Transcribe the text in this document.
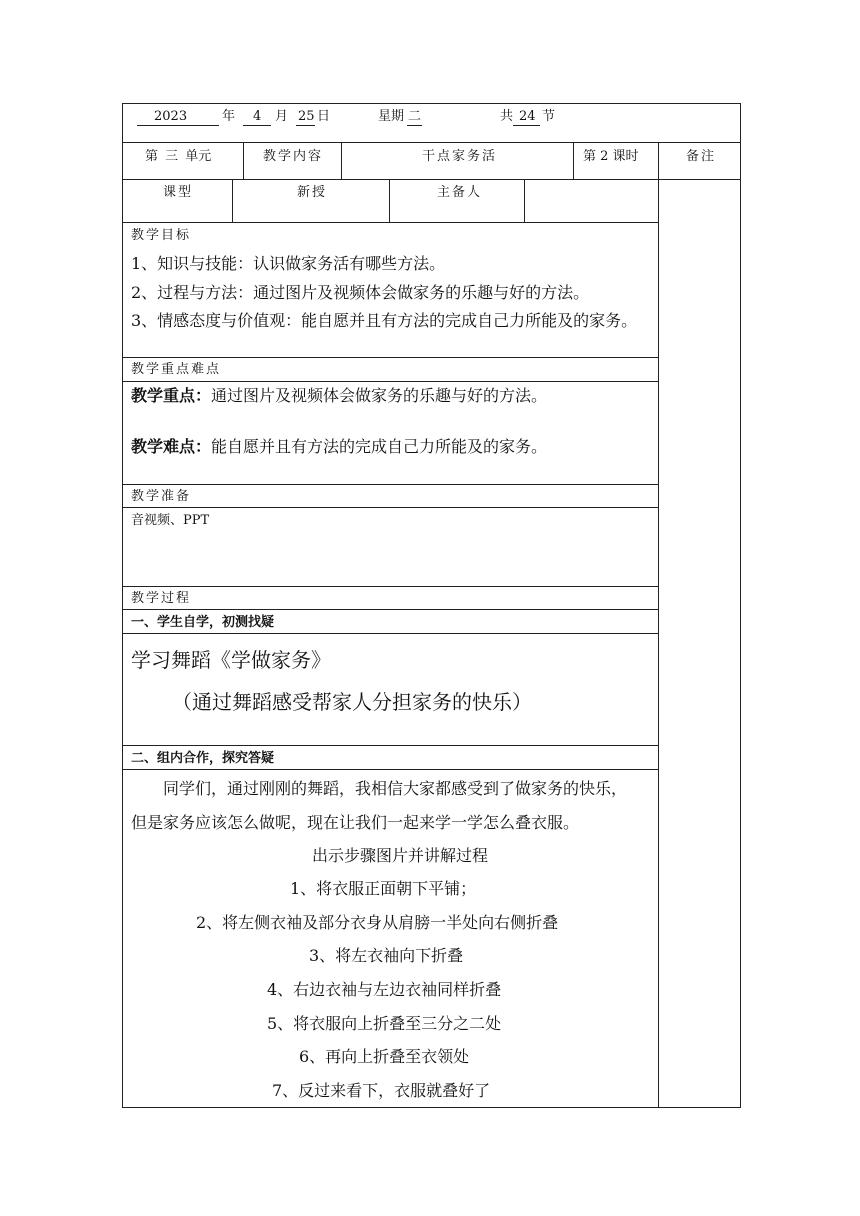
2023	年 4 月 25 日	星期 二	共 24 节
第 三 单元	教学内容	干点家务活	第 2 课时	备注
课型	新授	主备人
教学目标
1、知识与技能：认识做家务活有哪些方法。
2、过程与方法：通过图片及视频体会做家务的乐趣与好的方法。
3、情感态度与价值观：能自愿并且有方法的完成自己力所能及的家务。
教学重点难点
教学重点： 通过图片及视频体会做家务的乐趣与好的方法。
教学难点： 能自愿并且有方法的完成自己力所能及的家务。
教学准备
音视频、PPT
教学过程
一、学生自学，初测找疑
学习舞蹈《学做家务》
（通过舞蹈感受帮家人分担家务的快乐）
二、组内合作，探究答疑
同学们，通过刚刚的舞蹈，我相信大家都感受到了做家务的快乐，
但是家务应该怎么做呢，现在让我们一起来学一学怎么叠衣服。
出示步骤图片并讲解过程
1、将衣服正面朝下平铺；
2、将左侧衣袖及部分衣身从肩膀一半处向右侧折叠
3、将左衣袖向下折叠
4、右边衣袖与左边衣袖同样折叠
5、将衣服向上折叠至三分之二处
6、再向上折叠至衣领处
7、反过来看下，衣服就叠好了
